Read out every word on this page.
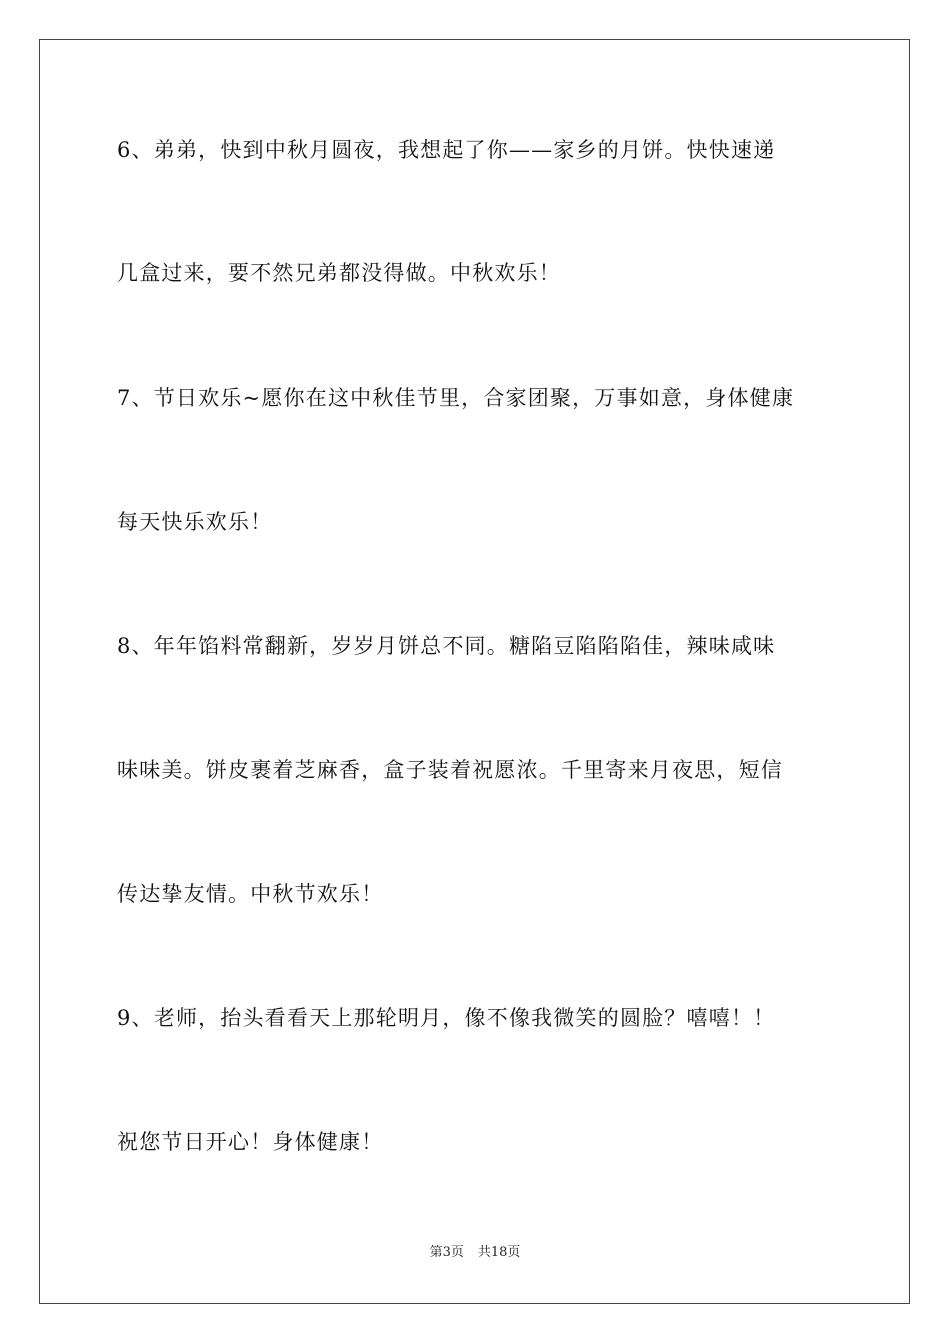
6、弟弟，快到中秋月圆夜，我想起了你——家乡的月饼。快快速递
几盒过来，要不然兄弟都没得做。中秋欢乐！
7、节日欢乐~愿你在这中秋佳节里，合家团聚，万事如意，身体健康
每天快乐欢乐！
8、年年馅料常翻新，岁岁月饼总不同。糖陷豆陷陷陷佳，辣味咸味
味味美。饼皮裹着芝麻香，盒子装着祝愿浓。千里寄来月夜思，短信
传达挚友情。中秋节欢乐！
9、老师，抬头看看天上那轮明月，像不像我微笑的圆脸？嘻嘻！！
祝您节日开心！身体健康！
第3页 共18页
